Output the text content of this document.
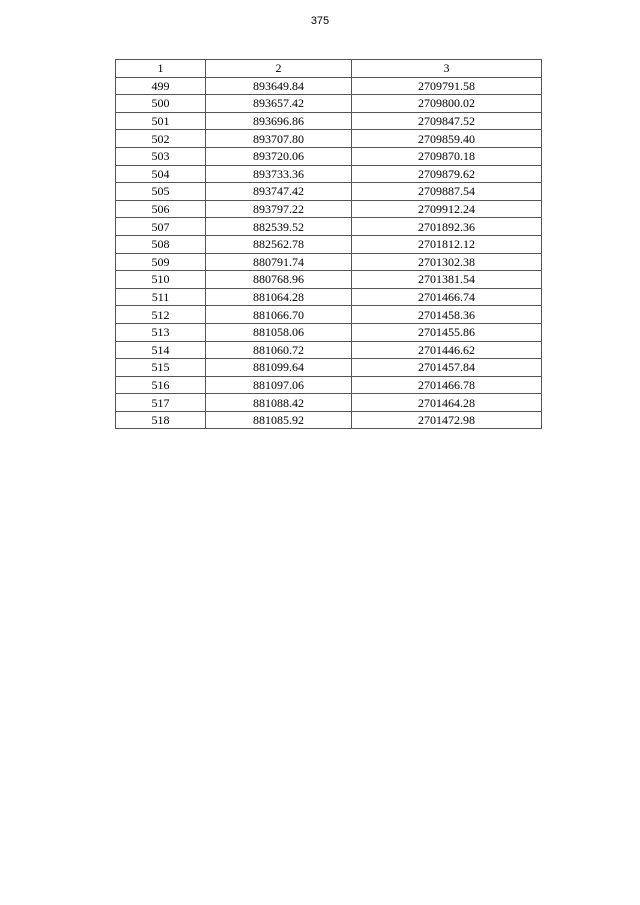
375
1	2	3
499	893649.84	2709791.58
500	893657.42	2709800.02
501	893696.86	2709847.52
502	893707.80	2709859.40
503	893720.06	2709870.18
504	893733.36	2709879.62
505	893747.42	2709887.54
506	893797.22	2709912.24
507	882539.52	2701892.36
508	882562.78	2701812.12
509	880791.74	2701302.38
510	880768.96	2701381.54
511	881064.28	2701466.74
512	881066.70	2701458.36
513	881058.06	2701455.86
514	881060.72	2701446.62
515	881099.64	2701457.84
516	881097.06	2701466.78
517	881088.42	2701464.28
518	881085.92	2701472.98
